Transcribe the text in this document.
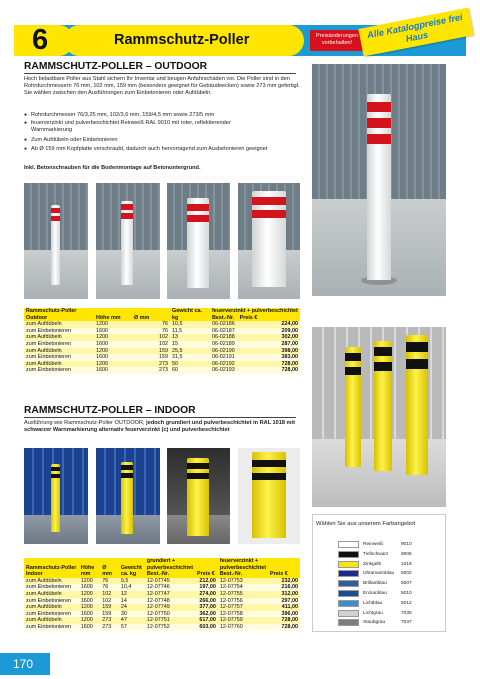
Rammschutz-Poller
6	Preisänderungen vorbehalten!
Alle Katalogpreise frei Haus
RAMMSCHUTZ-POLLER – OUTDOOR
Hoch belastbare Poller aus Stahl sichern Ihr Inventar und beugen Anfahrschäden vor. Die Poller sind in den Rohrdurchmessern 76 mm, 102 mm, 159 mm (besonders geeignet für Gebäudeecken) sowie 273 mm gefertigt. Sie wählen zwischen den Ausführungen zum Einbetonieren oder Aufdübeln.
● Rohrdurchmesser 76/3,25 mm, 102/3,6 mm, 159/4,5 mm sowie 273/5 mm
● feuerverzinkt und pulverbeschichtet Reinweiß RAL 9010 mit roter, reflektierender Warnmarkierung
● Zum Aufdübeln oder Einbetonieren
● Ab Ø 159 mm Kopfplatte verschraubt, dadurch auch hervorragend zum Ausbetonieren geeignet
Inkl. Betonschrauben für die Bodenmontage auf Betonuntergrund.
Rammschutz-Poller Outdoor	Höhe mm	Ø mm	Gewicht ca. kg	feuerverzinkt + pulverbeschichtet Best.-Nr. Preis €	
zum Aufdübeln	1200	76	10,5	06-02186	224,00
zum Einbetonieren	1600	76	11,5	06-02187	209,00
zum Aufdübeln	1200	102	13	06-02188	302,00
zum Einbetonieren	1600	102	15	06-02189	287,00
zum Aufdübeln	1200	159	25,5	06-02190	398,00
zum Einbetonieren	1600	159	31,5	06-02191	383,00
zum Aufdübeln	1200	273	50	06-02192	728,00
zum Einbetonieren	1600	273	60	06-02193	728,00
RAMMSCHUTZ-POLLER – INDOOR
Ausführung wie Rammschutz-Poller OUTDOOR, jedoch grundiert und pulverbeschichtet in RAL 1018 mit schwarzer Warnmarkierung alternativ feuerverzinkt (c) und pulverbeschichtet
Rammschutz-Poller Indoor	Höhe mm	Ø mm	Gewicht ca. kg	grundiert + pulverbeschichtet Best.-Nr.	Preis €	feuerverzinkt + pulverbeschichtet Best.-Nr.	Preis €
zum Aufdübeln	1200	76	9,5	12-07745	212,00	12-07753	232,00
zum Einbetonieren	1600	76	10,4	12-07746	197,00	12-07754	216,00
zum Aufdübeln	1200	102	12	12-07747	274,00	12-07755	312,00
zum Einbetonieren	1600	102	14	12-07748	266,00	12-07756	297,00
zum Aufdübeln	1200	159	24	12-07749	377,00	12-07757	411,00
zum Einbetonieren	1600	159	30	12-07750	362,00	12-07758	396,00
zum Aufdübeln	1200	273	47	12-07751	617,00	12-07759	728,00
zum Einbetonieren	1600	273	57	12-07752	603,00	12-07760	728,00
Wählen Sie aus unserem Farbangebot
Reinweiß	9010
Tiefschwarz	9005
Zinkgelb	1018
Ultramarinblau 5002
Brillantblau	5007
Enzianblau	5010
Lichtblau	5012
Lichtgrau	7035
Staubgrau	7037
170
